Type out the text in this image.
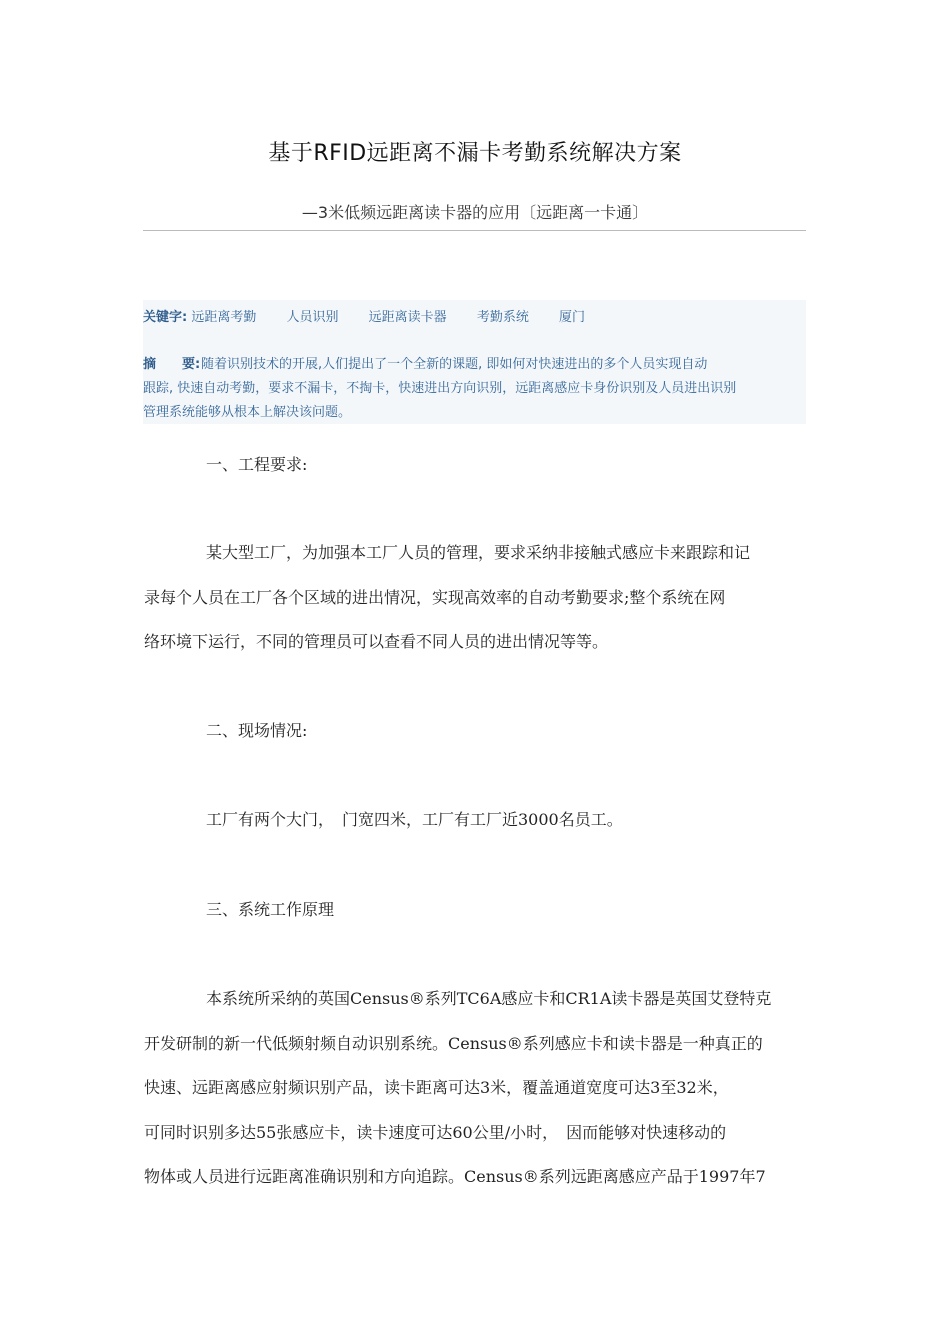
基于RFID远距离不漏卡考勤系统解决方案
—3米低频远距离读卡器的应用〔远距离一卡通〕
关键字: 远距离考勤 人员识别 远距离读卡器 考勤系统 厦门
摘　　要:随着识别技术的开展,人们提出了一个全新的课题, 即如何对快速进出的多个人员实现自动
跟踪, 快速自动考勤，要求不漏卡，不掏卡，快速进出方向识别，远距离感应卡身份识别及人员进出识别
管理系统能够从根本上解决该问题。
一、工程要求:
某大型工厂，为加强本工厂人员的管理，要求采纳非接触式感应卡来跟踪和记
录每个人员在工厂各个区域的进出情况，实现高效率的自动考勤要求;整个系统在网
络环境下运行，不同的管理员可以查看不同人员的进出情况等等。
二、现场情况:
工厂有两个大门，　门宽四米，工厂有工厂近3000名员工。
三、系统工作原理
本系统所采纳的英国Census®系列TC6A感应卡和CR1A读卡器是英国艾登特克
开发研制的新一代低频射频自动识别系统。Census®系列感应卡和读卡器是一种真正的
快速、远距离感应射频识别产品，读卡距离可达3米，覆盖通道宽度可达3至32米，
可同时识别多达55张感应卡，读卡速度可达60公里/小时，　因而能够对快速移动的
物体或人员进行远距离准确识别和方向追踪。Census®系列远距离感应产品于1997年7
